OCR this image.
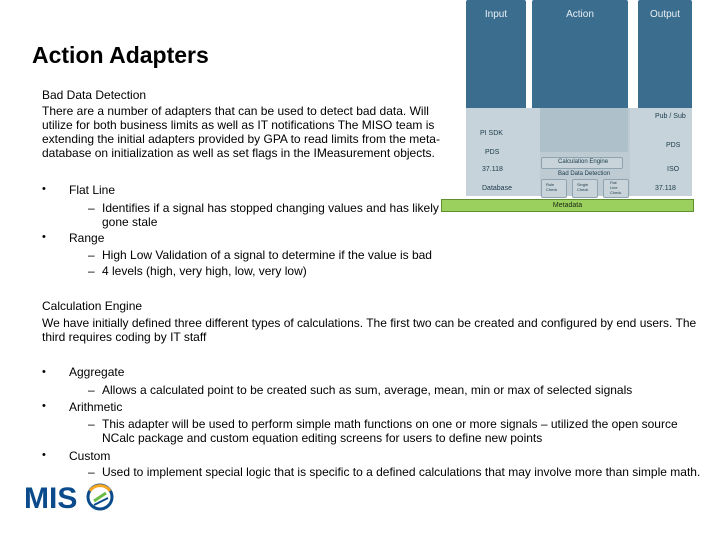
Action Adapters
Bad Data Detection
There are a number of adapters that can be used to detect bad data. Will
utilize for both business limits as well as IT notifications The MISO team is
extending the initial adapters provided by GPA to read limits from the meta-
database on initialization as well as set flags in the IMeasurement objects.
• Flat Line
– Identifies if a signal has stopped changing values and has likely
gone stale
• Range
– High Low Validation of a signal to determine if the value is bad
– 4 levels (high, very high, low, very low)
Calculation Engine
We have initially defined three different types of calculations. The first two can be created and configured by end users. The
third requires coding by IT staff
• Aggregate
– Allows a calculated point to be created such as sum, average, mean, min or max of selected signals
• Arithmetic
– This adapter will be used to perform simple math functions on one or more signals – utilized the open source
NCalc package and custom equation editing screens for users to define new points
• Custom
– Used to implement special logic that is specific to a defined calculations that may involve more than simple math.
Input	Action	Output
Pub / Sub
PI SDK
PDS
PDS
37.118	ISO
Database	37.118
Calculation Engine
Bad Data Detection
Rule
Check
Single
Check
Flat
Line
Check
Metadata
MIS
